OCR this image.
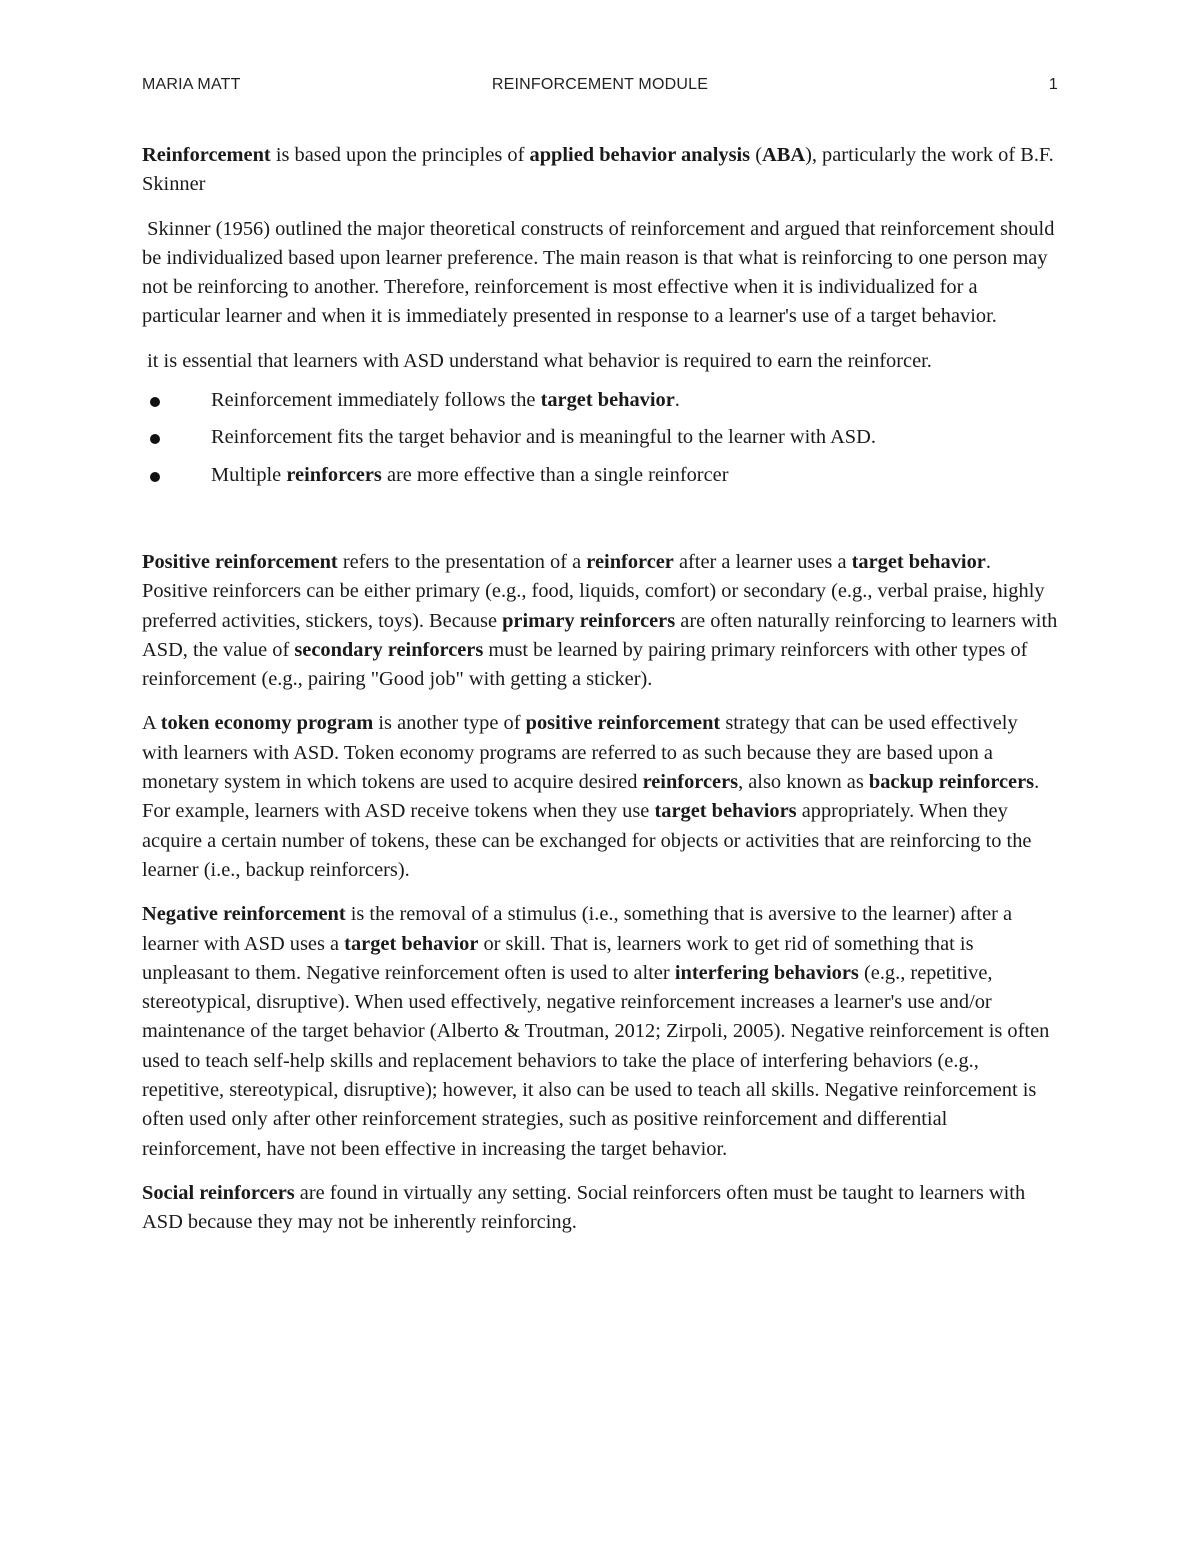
MARIA MATT	REINFORCEMENT MODULE	1

Reinforcement is based upon the principles of applied behavior analysis (ABA), particularly the work of B.F. Skinner

Skinner (1956) outlined the major theoretical constructs of reinforcement and argued that reinforcement should be individualized based upon learner preference. The main reason is that what is reinforcing to one person may not be reinforcing to another. Therefore, reinforcement is most effective when it is individualized for a particular learner and when it is immediately presented in response to a learner's use of a target behavior.

it is essential that learners with ASD understand what behavior is required to earn the reinforcer.

Reinforcement immediately follows the target behavior.
Reinforcement fits the target behavior and is meaningful to the learner with ASD.
Multiple reinforcers are more effective than a single reinforcer

Positive reinforcement refers to the presentation of a reinforcer after a learner uses a target behavior. Positive reinforcers can be either primary (e.g., food, liquids, comfort) or secondary (e.g., verbal praise, highly preferred activities, stickers, toys). Because primary reinforcers are often naturally reinforcing to learners with ASD, the value of secondary reinforcers must be learned by pairing primary reinforcers with other types of reinforcement (e.g., pairing "Good job" with getting a sticker).

A token economy program is another type of positive reinforcement strategy that can be used effectively with learners with ASD. Token economy programs are referred to as such because they are based upon a monetary system in which tokens are used to acquire desired reinforcers, also known as backup reinforcers. For example, learners with ASD receive tokens when they use target behaviors appropriately. When they acquire a certain number of tokens, these can be exchanged for objects or activities that are reinforcing to the learner (i.e., backup reinforcers).

Negative reinforcement is the removal of a stimulus (i.e., something that is aversive to the learner) after a learner with ASD uses a target behavior or skill. That is, learners work to get rid of something that is unpleasant to them. Negative reinforcement often is used to alter interfering behaviors (e.g., repetitive, stereotypical, disruptive). When used effectively, negative reinforcement increases a learner's use and/or maintenance of the target behavior (Alberto & Troutman, 2012; Zirpoli, 2005). Negative reinforcement is often used to teach self-help skills and replacement behaviors to take the place of interfering behaviors (e.g., repetitive, stereotypical, disruptive); however, it also can be used to teach all skills. Negative reinforcement is often used only after other reinforcement strategies, such as positive reinforcement and differential reinforcement, have not been effective in increasing the target behavior.

Social reinforcers are found in virtually any setting. Social reinforcers often must be taught to learners with ASD because they may not be inherently reinforcing.
